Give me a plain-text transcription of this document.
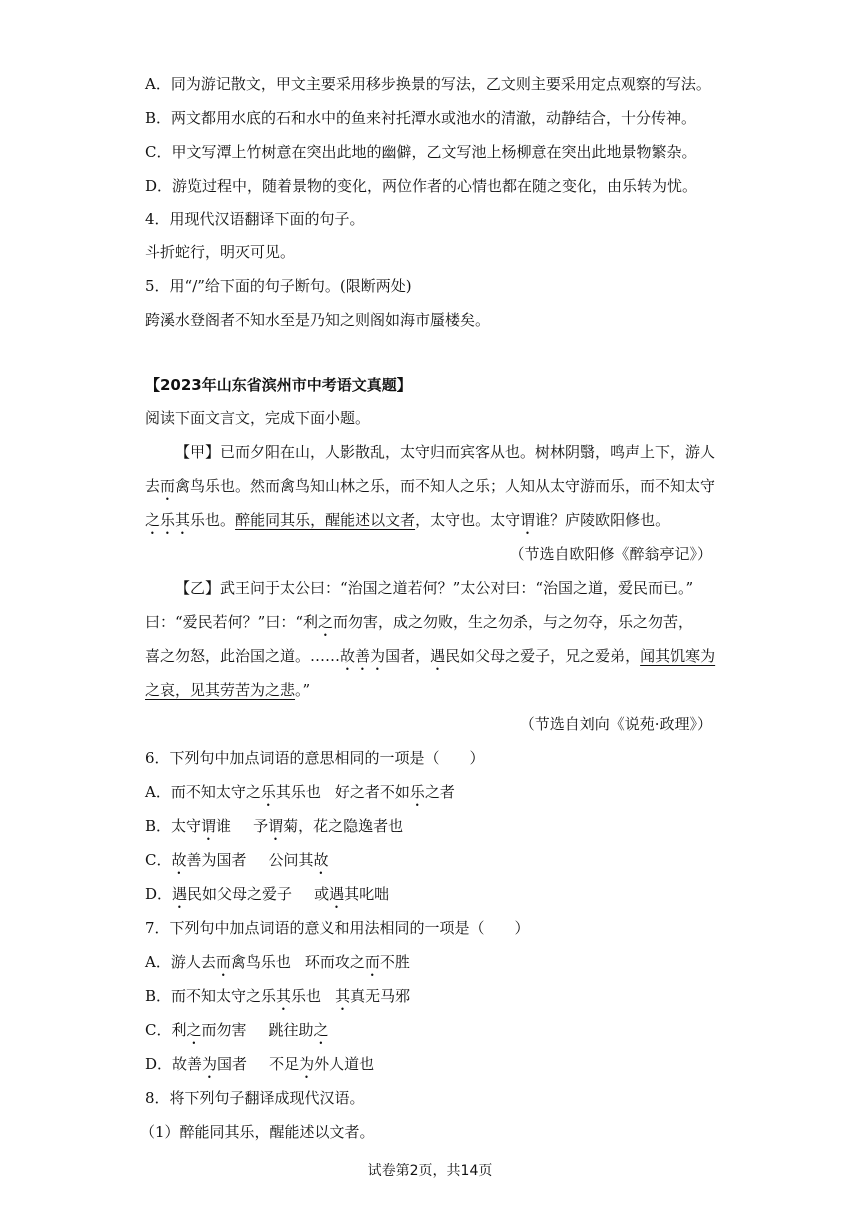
A．同为游记散文，甲文主要采用移步换景的写法，乙文则主要采用定点观察的写法。
B．两文都用水底的石和水中的鱼来衬托潭水或池水的清澈，动静结合，十分传神。
C．甲文写潭上竹树意在突出此地的幽僻，乙文写池上杨柳意在突出此地景物繁杂。
D．游览过程中，随着景物的变化，两位作者的心情也都在随之变化，由乐转为忧。
4．用现代汉语翻译下面的句子。
斗折蛇行，明灭可见。
5．用“/”给下面的句子断句。(限断两处)
跨溪水登阁者不知水至是乃知之则阁如海市蜃楼矣。
【2023年山东省滨州市中考语文真题】
阅读下面文言文，完成下面小题。
【甲】已而夕阳在山，人影散乱，太守归而宾客从也。树林阴翳，鸣声上下，游人
去而禽鸟乐也。然而禽鸟知山林之乐，而不知人之乐；人知从太守游而乐，而不知太守
之乐其乐也。醉能同其乐，醒能述以文者，太守也。太守谓谁？庐陵欧阳修也。
（节选自欧阳修《醉翁亭记》）
【乙】武王问于太公曰：“治国之道若何？”太公对曰：“治国之道，爱民而已。”
曰：“爱民若何？”曰：“利之而勿害，成之勿败，生之勿杀，与之勿夺，乐之勿苦，
喜之勿怒，此治国之道。……故善为国者，遇民如父母之爱子，兄之爱弟，闻其饥寒为
之哀，见其劳苦为之悲。”
（节选自刘向《说苑·政理》）
6．下列句中加点词语的意思相同的一项是（　　）
A．而不知太守之乐其乐也 好之者不如乐之者
B．太守谓谁 予谓菊，花之隐逸者也
C．故善为国者 公问其故
D．遇民如父母之爱子 或遇其叱咄
7．下列句中加点词语的意义和用法相同的一项是（　　）
A．游人去而禽鸟乐也 环而攻之而不胜
B．而不知太守之乐其乐也 其真无马邪
C．利之而勿害 跳往助之
D．故善为国者 不足为外人道也
8．将下列句子翻译成现代汉语。
（1）醉能同其乐，醒能述以文者。
试卷第2页，共14页
